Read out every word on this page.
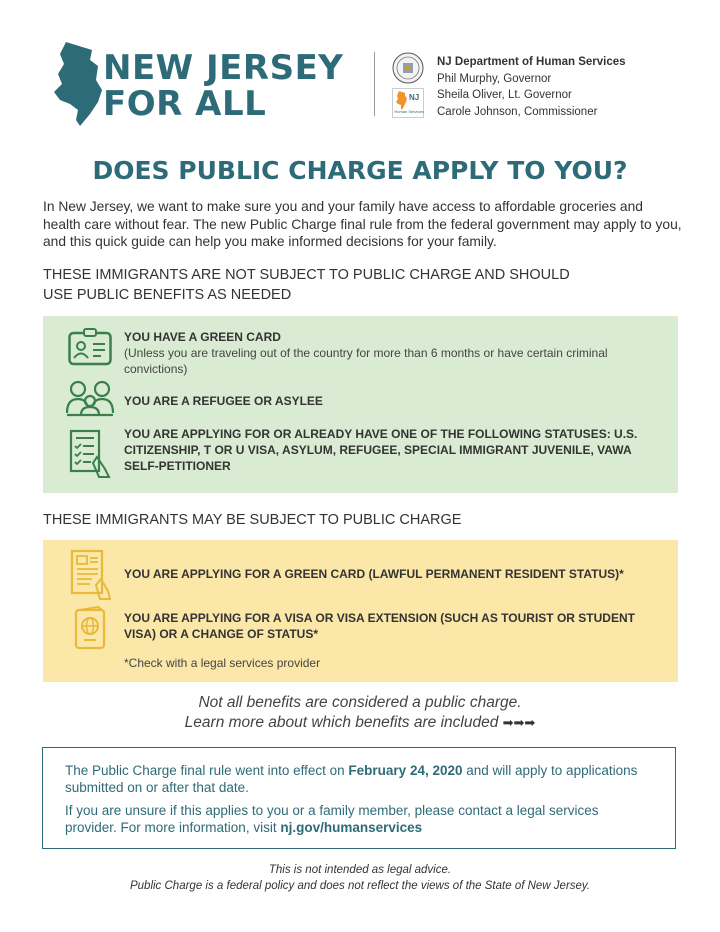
NEW JERSEY
FOR ALL	NJ
Human Services
NJ Department of Human Services
Phil Murphy, Governor
Sheila Oliver, Lt. Governor
Carole Johnson, Commissioner
DOES PUBLIC CHARGE APPLY TO YOU?
In New Jersey, we want to make sure you and your family have access to affordable groceries and health care without fear. The new Public Charge final rule from the federal government may apply to you, and this quick guide can help you make informed decisions for your family.
THESE IMMIGRANTS ARE NOT SUBJECT TO PUBLIC CHARGE AND SHOULD
USE PUBLIC BENEFITS AS NEEDED
YOU HAVE A GREEN CARD
(Unless you are traveling out of the country for more than 6 months or have certain criminal convictions)
YOU ARE A REFUGEE OR ASYLEE
YOU ARE APPLYING FOR OR ALREADY HAVE ONE OF THE FOLLOWING STATUSES: U.S. CITIZENSHIP, T OR U VISA, ASYLUM, REFUGEE, SPECIAL IMMIGRANT JUVENILE, VAWA SELF-PETITIONER
THESE IMMIGRANTS MAY BE SUBJECT TO PUBLIC CHARGE
YOU ARE APPLYING FOR A GREEN CARD (LAWFUL PERMANENT RESIDENT STATUS)*
YOU ARE APPLYING FOR A VISA OR VISA EXTENSION (SUCH AS TOURIST OR STUDENT VISA) OR A CHANGE OF STATUS*
*Check with a legal services provider
Not all benefits are considered a public charge.
Learn more about which benefits are included ➡➡➡
The Public Charge final rule went into effect on February 24, 2020 and will apply to applications submitted on or after that date.
If you are unsure if this applies to you or a family member, please contact a legal services provider. For more information, visit nj.gov/humanservices
This is not intended as legal advice.
Public Charge is a federal policy and does not reflect the views of the State of New Jersey.
